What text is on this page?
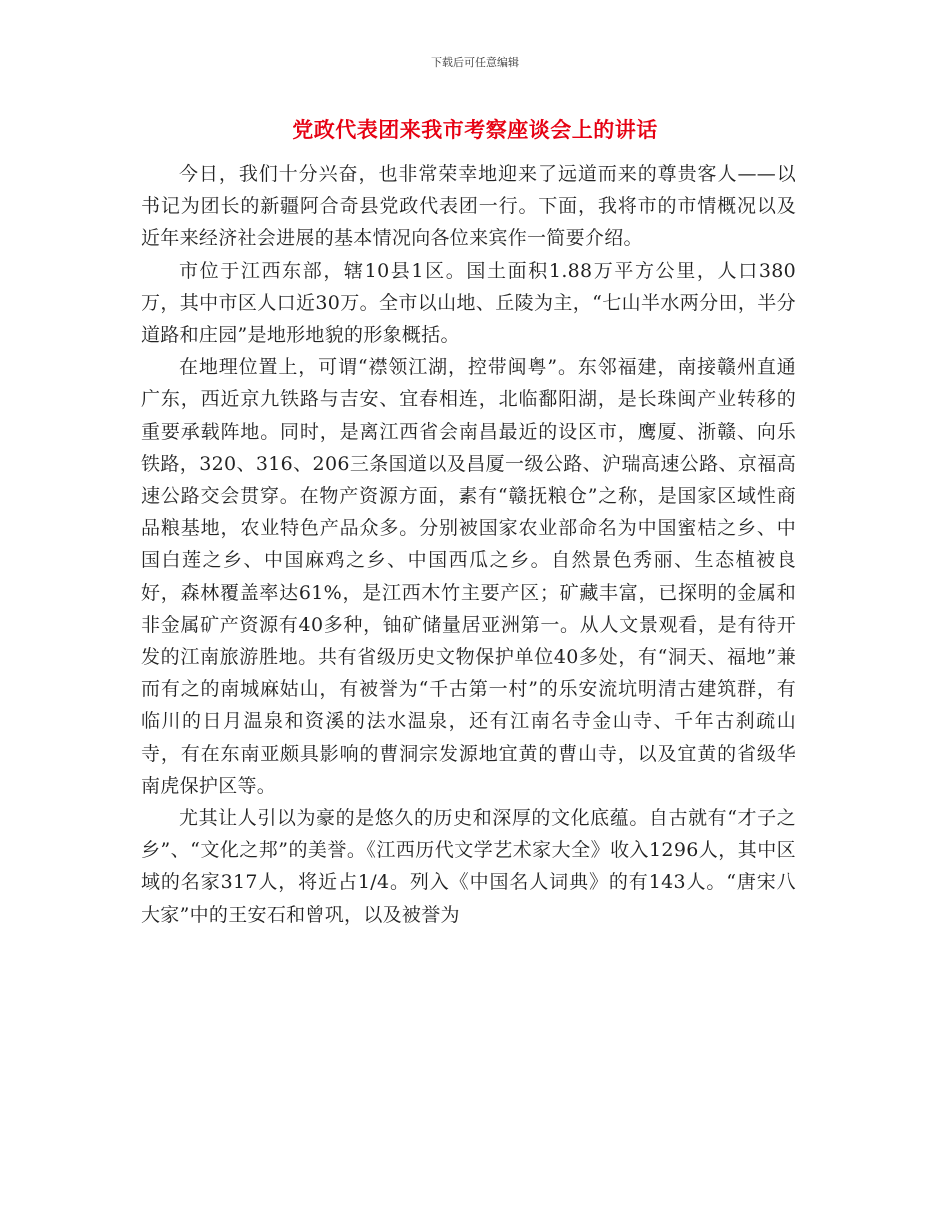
下载后可任意编辑
党政代表团来我市考察座谈会上的讲话

今日，我们十分兴奋，也非常荣幸地迎来了远道而来的尊贵客人——以书记为团长的新疆阿合奇县党政代表团一行。下面，我将市的市情概况以及近年来经济社会进展的基本情况向各位来宾作一简要介绍。

市位于江西东部，辖10县1区。国土面积1.88万平方公里，人口380万，其中市区人口近30万。全市以山地、丘陵为主，“七山半水两分田，半分道路和庄园”是地形地貌的形象概括。

在地理位置上，可谓“襟领江湖，控带闽粤”。东邻福建，南接赣州直通广东，西近京九铁路与吉安、宜春相连，北临鄱阳湖，是长珠闽产业转移的重要承载阵地。同时，是离江西省会南昌最近的设区市，鹰厦、浙赣、向乐铁路，320、316、206三条国道以及昌厦一级公路、沪瑞高速公路、京福高速公路交会贯穿。在物产资源方面，素有“赣抚粮仓”之称，是国家区域性商品粮基地，农业特色产品众多。分别被国家农业部命名为中国蜜桔之乡、中国白莲之乡、中国麻鸡之乡、中国西瓜之乡。自然景色秀丽、生态植被良好，森林覆盖率达61%，是江西木竹主要产区；矿藏丰富，已探明的金属和非金属矿产资源有40多种，铀矿储量居亚洲第一。从人文景观看，是有待开发的江南旅游胜地。共有省级历史文物保护单位40多处，有“洞天、福地”兼而有之的南城麻姑山，有被誉为“千古第一村”的乐安流坑明清古建筑群，有临川的日月温泉和资溪的法水温泉，还有江南名寺金山寺、千年古刹疏山寺，有在东南亚颇具影响的曹洞宗发源地宜黄的曹山寺，以及宜黄的省级华南虎保护区等。

尤其让人引以为豪的是悠久的历史和深厚的文化底蕴。自古就有“才子之乡”、“文化之邦”的美誉。《江西历代文学艺术家大全》收入1296人，其中区域的名家317人，将近占1/4。列入《中国名人词典》的有143人。“唐宋八大家”中的王安石和曾巩，以及被誉为
